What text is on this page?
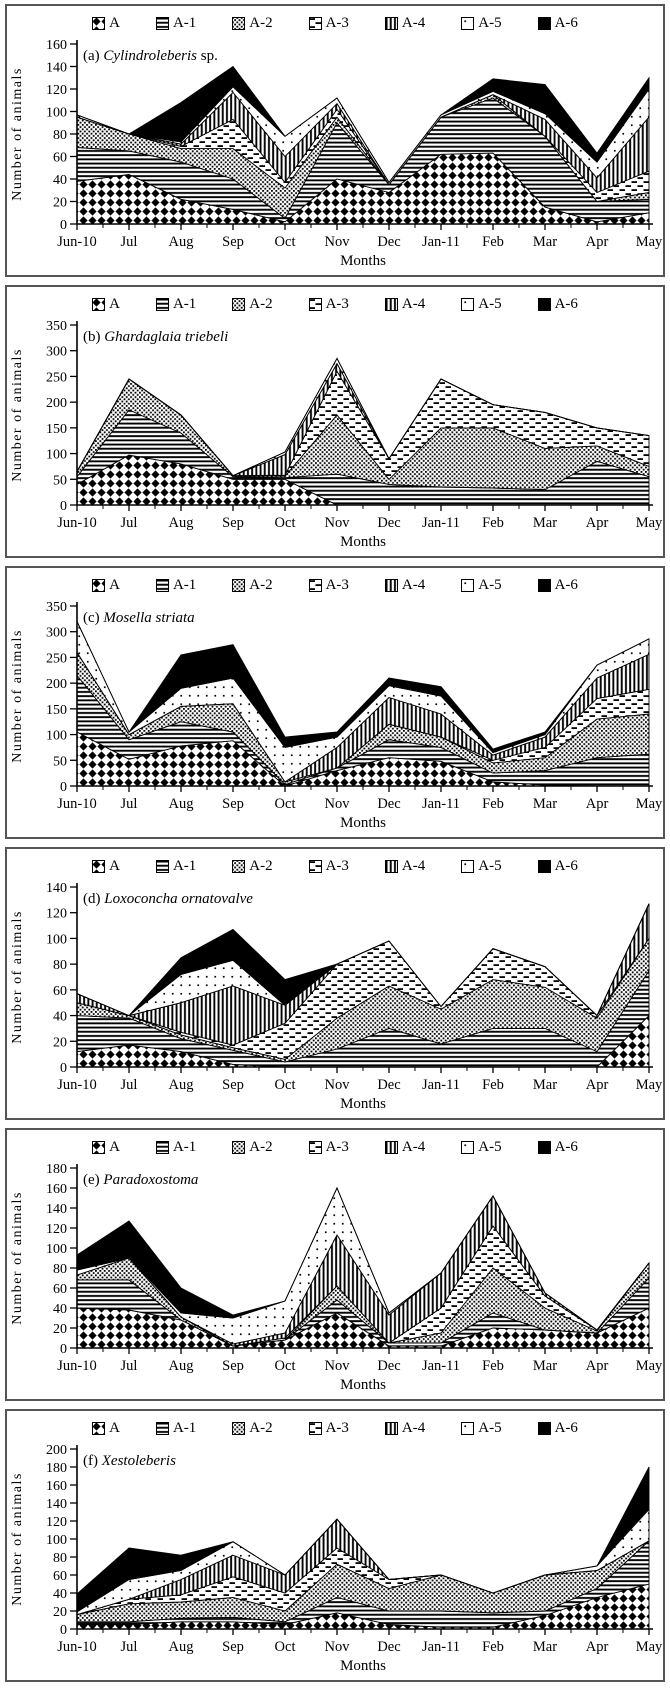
A	A-1	A-2	A-3	A-4	A-5	A-6
0
20
40
60
80
100
120
140
160
Jun-10 Jul Aug Sep Oct Nov Dec Jan-11 Feb Mar Apr May
Months
Number of animals
(a) Cylindroleberis sp.
A	A-1	A-2	A-3	A-4	A-5	A-6
0
50
100
150
200
250
300
350
Jun-10 Jul Aug Sep Oct Nov Dec Jan-11 Feb Mar Apr May
Months
Number of animals
(b) Ghardaglaia triebeli
A	A-1	A-2	A-3	A-4	A-5	A-6
0
50
100
150
200
250
300
350
Jun-10 Jul Aug Sep Oct Nov Dec Jan-11 Feb Mar Apr May
Months
Number of animals
(c) Mosella striata
A	A-1	A-2	A-3	A-4	A-5	A-6
0
20
40
60
80
100
120
140
Jun-10 Jul Aug Sep Oct Nov Dec Jan-11 Feb Mar Apr May
Months
Number of animals
(d) Loxoconcha ornatovalve
A	A-1	A-2	A-3	A-4	A-5	A-6
0
20
40
60
80
100
120
140
160
180
Jun-10 Jul Aug Sep Oct Nov Dec Jan-11 Feb Mar Apr May
Months
Number of animals
(e) Paradoxostoma
A	A-1	A-2	A-3	A-4	A-5	A-6
0
20
40
60
80
100
120
140
160
180
200
Jun-10 Jul Aug Sep Oct Nov Dec Jan-11 Feb Mar Apr May
Months
Number of animals
(f) Xestoleberis
